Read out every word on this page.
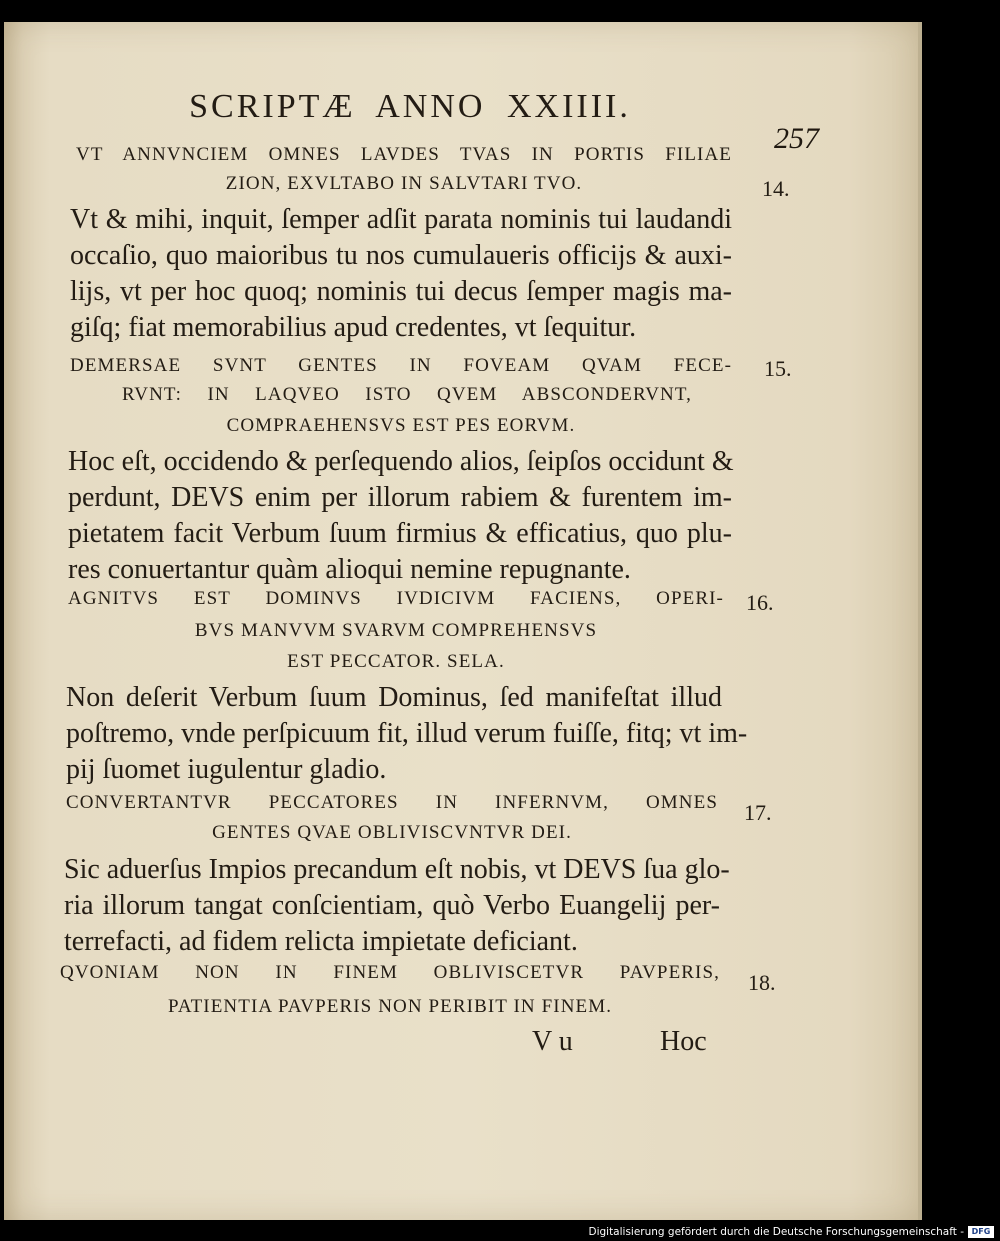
257
SCRIPTÆ ANNO XXIIII.
VT ANNVNCIEM OMNES LAVDES TVAS IN PORTIS FILIAE
ZION, EXVLTABO IN SALVTARI TVO.	14.
Vt & mihi, inquit, ſemper adſit parata nominis tui laudandi
occaſio, quo maioribus tu nos cumulaueris officijs & auxi-
lijs, vt per hoc quoq; nominis tui decus ſemper magis ma-
giſq; fiat memorabilius apud credentes, vt ſequitur.
DEMERSAE SVNT GENTES IN FOVEAM QVAM FECE- 15.
RVNT: IN LAQVEO ISTO QVEM ABSCONDERVNT,
COMPRAEHENSVS EST PES EORVM.
Hoc eſt, occidendo & perſequendo alios, ſeipſos occidunt &
perdunt, DEVS enim per illorum rabiem & furentem im-
pietatem facit Verbum ſuum firmius & efficatius, quo plu-
res conuertantur quàm alioqui nemine repugnante.
AGNITVS EST DOMINVS IVDICIVM FACIENS, OPERI- 16.
BVS MANVVM SVARVM COMPREHENSVS
EST PECCATOR. SELA.
Non deſerit Verbum ſuum Dominus, ſed manifeſtat illud
poſtremo, vnde perſpicuum fit, illud verum fuiſſe, fitq; vt im-
pij ſuomet iugulentur gladio.
CONVERTANTVR PECCATORES IN INFERNVM, OMNES 17.
GENTES QVAE OBLIVISCVNTVR DEI.
Sic aduerſus Impios precandum eſt nobis, vt DEVS ſua glo-
ria illorum tangat conſcientiam, quò Verbo Euangelij per-
terrefacti, ad fidem relicta impietate deficiant.
QVONIAM NON IN FINEM OBLIVISCETVR PAVPERIS, 18.
PATIENTIA PAVPERIS NON PERIBIT IN FINEM.
V u	Hoc
Digitalisierung gefördert durch die Deutsche Forschungsgemeinschaft - DFG
